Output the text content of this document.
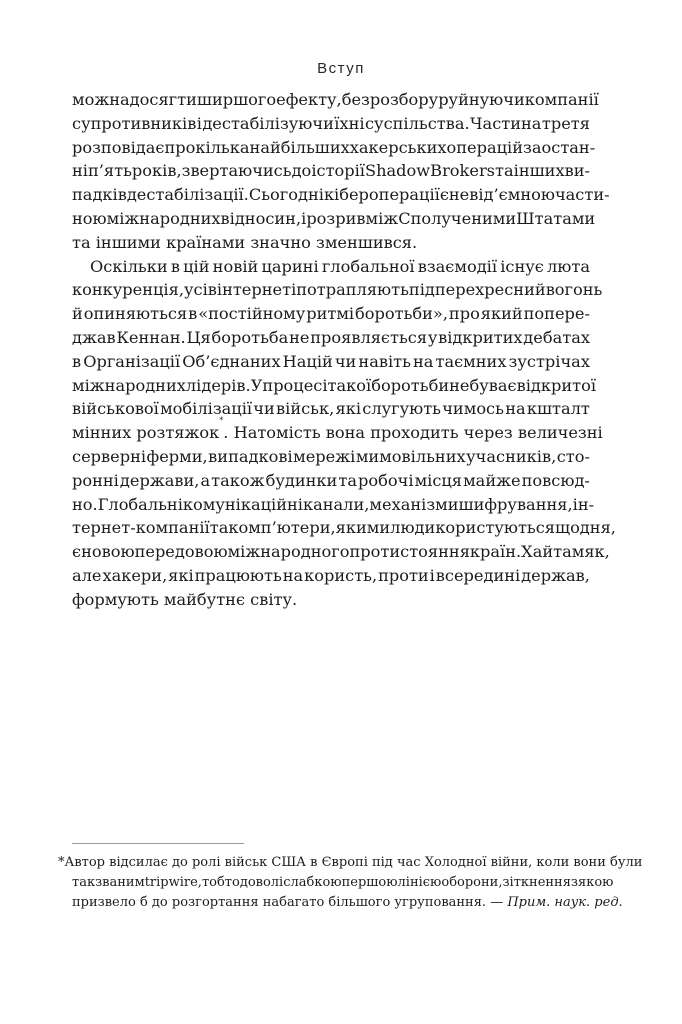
Вступ
можна досягти ширшого ефекту, без розбору руйнуючи компанії
супротивників і дестабілізуючи їхні суспільства. Частина третя
розповідає про кілька найбільших хакерських операцій за остан-
ні п’ять років, звертаючись до історії Shadow Brokers та інших ви-
падків дестабілізації. Сьогодні кібероперації є невід’ємною части-
ною міжнародних відносин, і розрив між Сполученими Штатами
та іншими країнами значно зменшився.
Оскільки в цій новій царині глобальної взаємодії існує люта
конкуренція, усі в інтернеті потрапляють під перехресний вогонь
й опиняються в «постійному ритмі боротьби», про який попере-
джав Кеннан. Ця боротьба не проявляється у відкритих дебатах
в Організації Об’єднаних Націй чи навіть на таємних зустрічах
міжнародних лідерів. У процесі такої боротьби не буває відкритої
військової мобілізації чи військ, які слугують чимось на кшталт
мінних розтяжок
*
. Натомість вона проходить через величезні
серверні ферми, випадкові мережі мимовільних учасників, сто-
ронні держави, а також будинки та робочі місця майже повсюд-
но. Глобальні комунікаційні канали, механізми шифрування, ін-
тернет-компанії та комп’ютери, якими люди користуються щодня,
є новою передовою міжнародного протистояння країн. Хай там як,
але хакери, які працюють на користь, проти і всередині держав,
формують майбутнє світу.
* Автор відсилає до ролі військ США в Європі під час Холодної війни, коли вони були
так званим trip wire, тобто доволі слабкою першою лінією оборони, зіткнення з якою
призвело б до розгортання набагато більшого угруповання. —
Прим. наук. ред.
